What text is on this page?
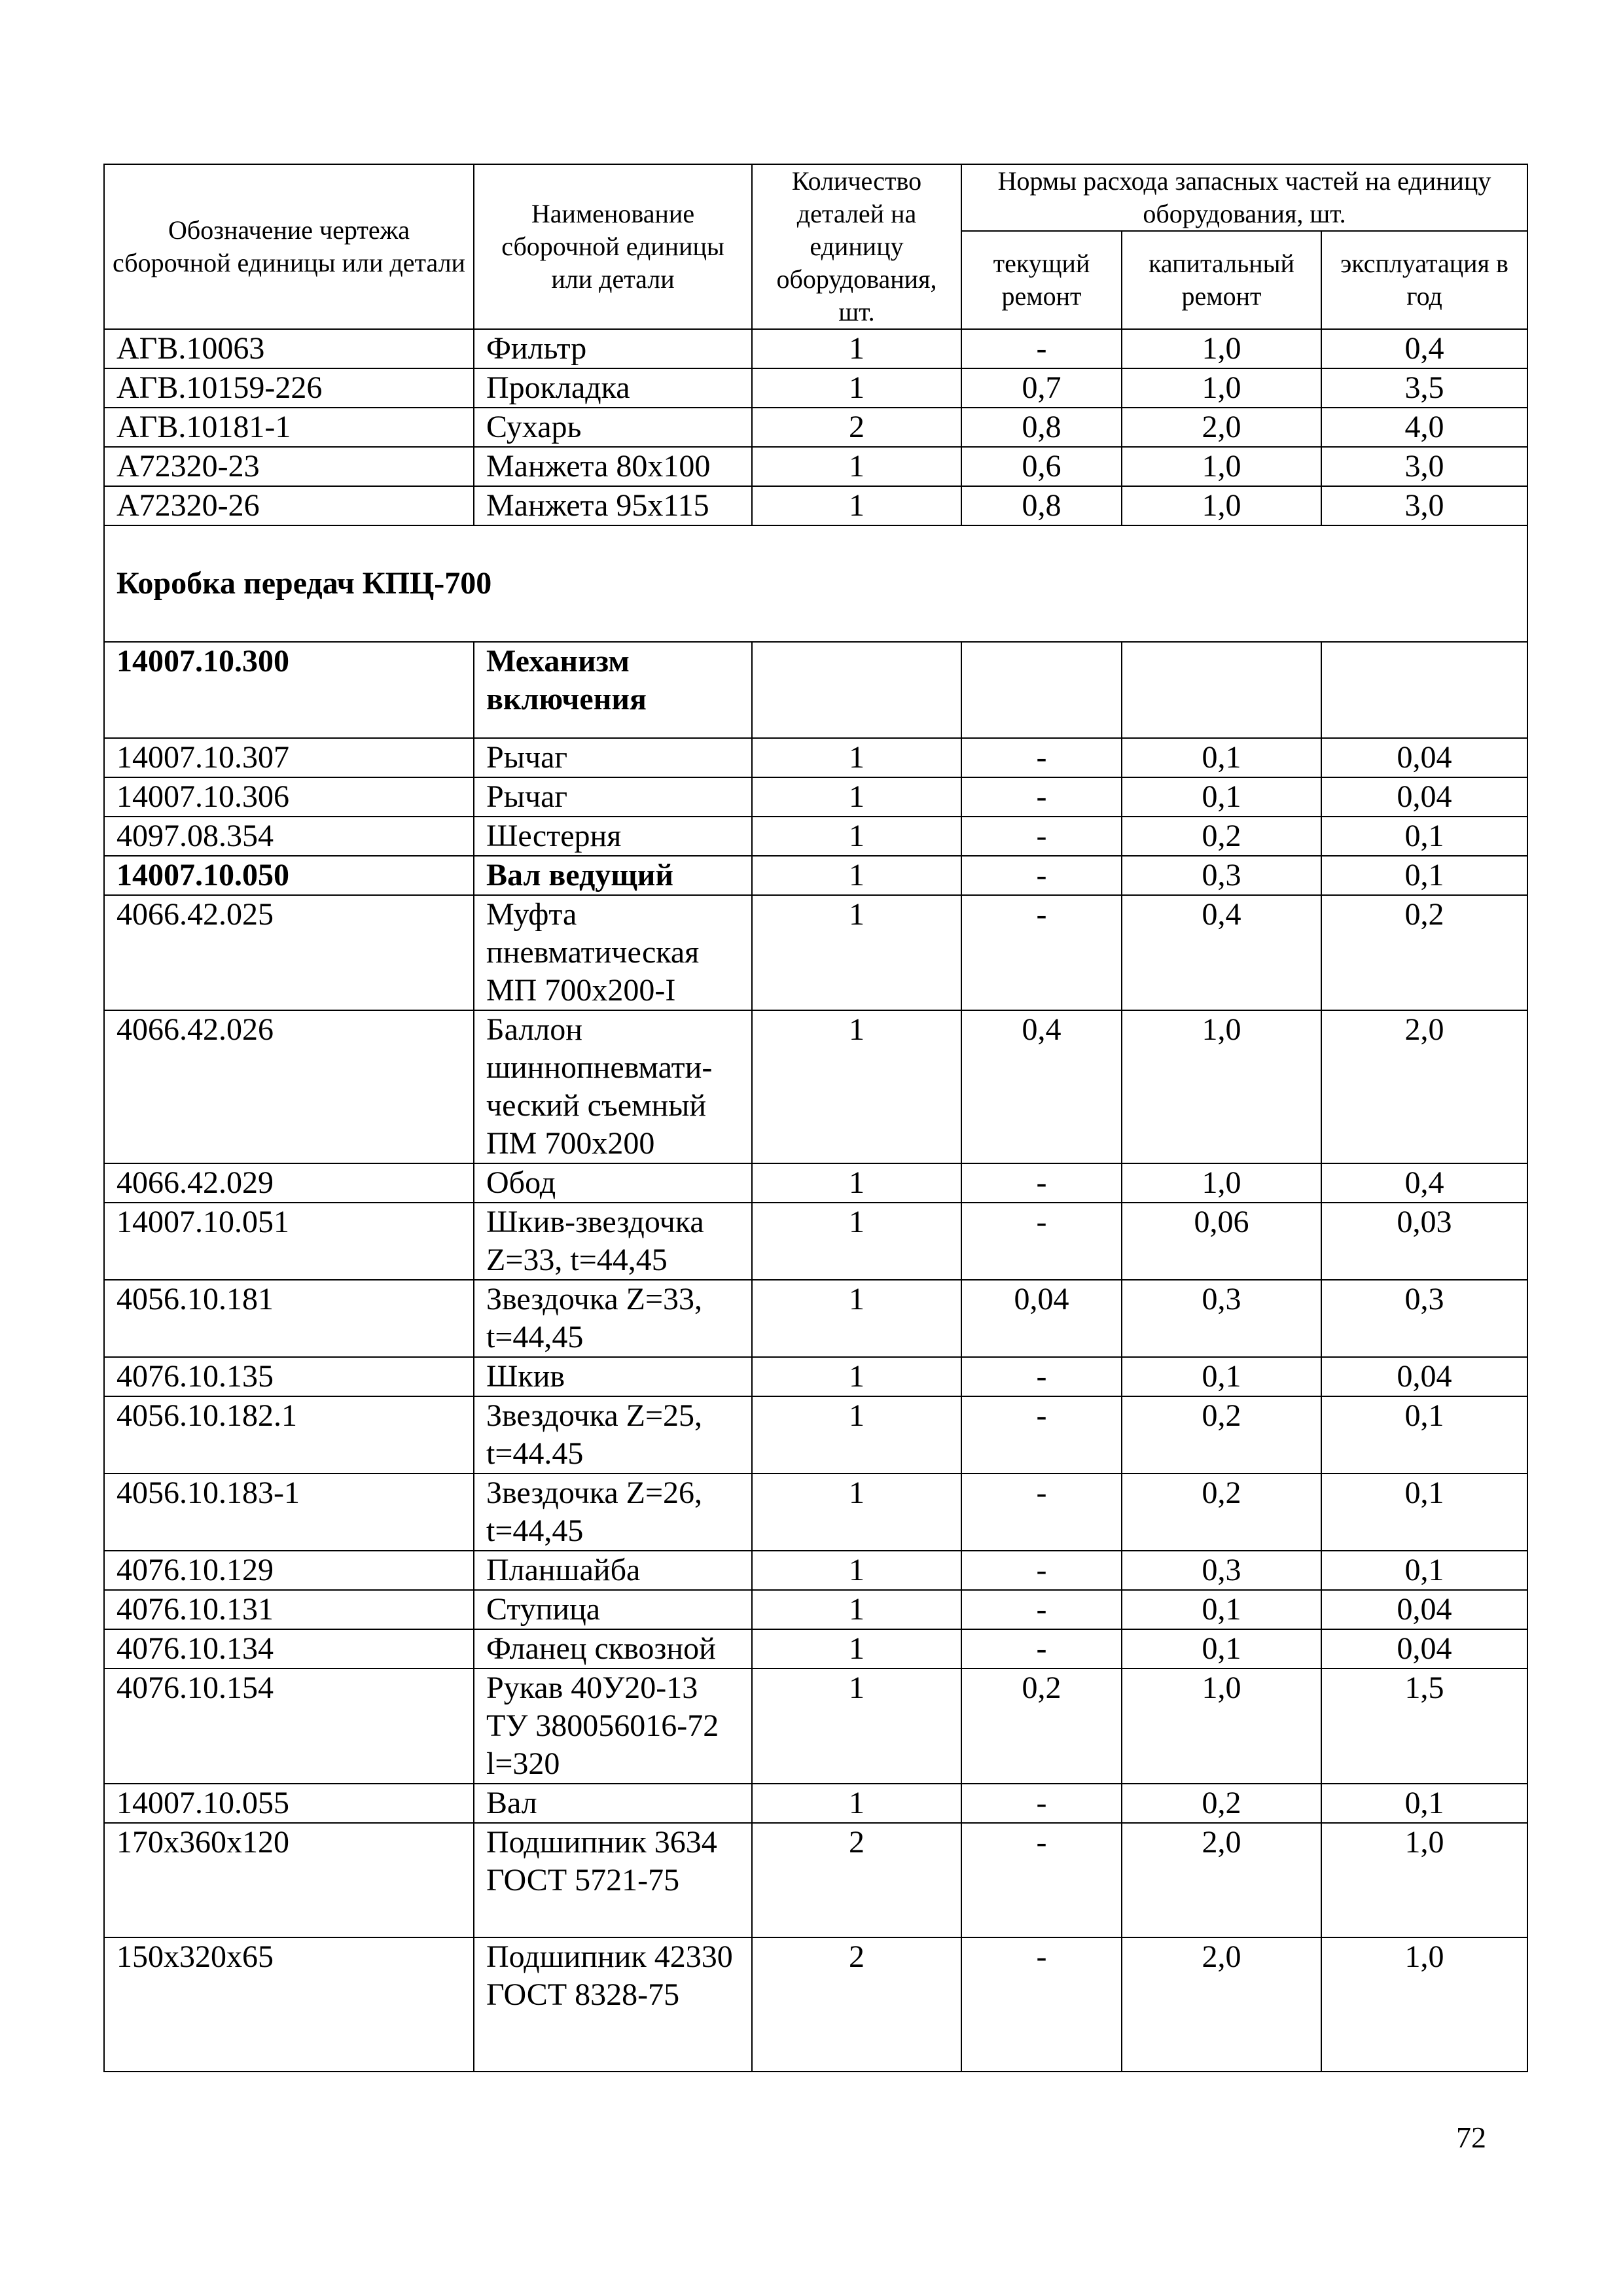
Обозначение чертежа сборочной единицы или детали	Наименование сборочной единицы или детали	Количество деталей на единицу оборудования, шт.	Нормы расхода запасных частей на единицу оборудования, шт.		
			текущий ремонт	капитальный ремонт	эксплуатация в год
АГВ.10063	Фильтр	1	-	1,0	0,4
АГВ.10159-226	Прокладка	1	0,7	1,0	3,5
АГВ.10181-1	Сухарь	2	0,8	2,0	4,0
А72320-23	Манжета 80х100	1	0,6	1,0	3,0
А72320-26	Манжета 95х115	1	0,8	1,0	3,0
Коробка передач КПЦ-700					
14007.10.300	Механизм включения				
14007.10.307	Рычаг	1	-	0,1	0,04
14007.10.306	Рычаг	1	-	0,1	0,04
4097.08.354	Шестерня	1	-	0,2	0,1
14007.10.050	Вал ведущий	1	-	0,3	0,1
4066.42.025	Муфта пневматическая МП 700х200-I	1	-	0,4	0,2
4066.42.026	Баллон шиннопневмати-ческий съемный ПМ 700х200	1	0,4	1,0	2,0
4066.42.029	Обод	1	-	1,0	0,4
14007.10.051	Шкив-звездочка Z=33, t=44,45	1	-	0,06	0,03
4056.10.181	Звездочка Z=33, t=44,45	1	0,04	0,3	0,3
4076.10.135	Шкив	1	-	0,1	0,04
4056.10.182.1	Звездочка Z=25, t=44.45	1	-	0,2	0,1
4056.10.183-1	Звездочка Z=26, t=44,45	1	-	0,2	0,1
4076.10.129	Планшайба	1	-	0,3	0,1
4076.10.131	Ступица	1	-	0,1	0,04
4076.10.134	Фланец сквозной	1	-	0,1	0,04
4076.10.154	Рукав 40У20-13 ТУ 380056016-72 l=320	1	0,2	1,0	1,5
14007.10.055	Вал	1	-	0,2	0,1
170х360х120	Подшипник 3634 ГОСТ 5721-75	2	-	2,0	1,0
150х320х65	Подшипник 42330 ГОСТ 8328-75	2	-	2,0	1,0
72
